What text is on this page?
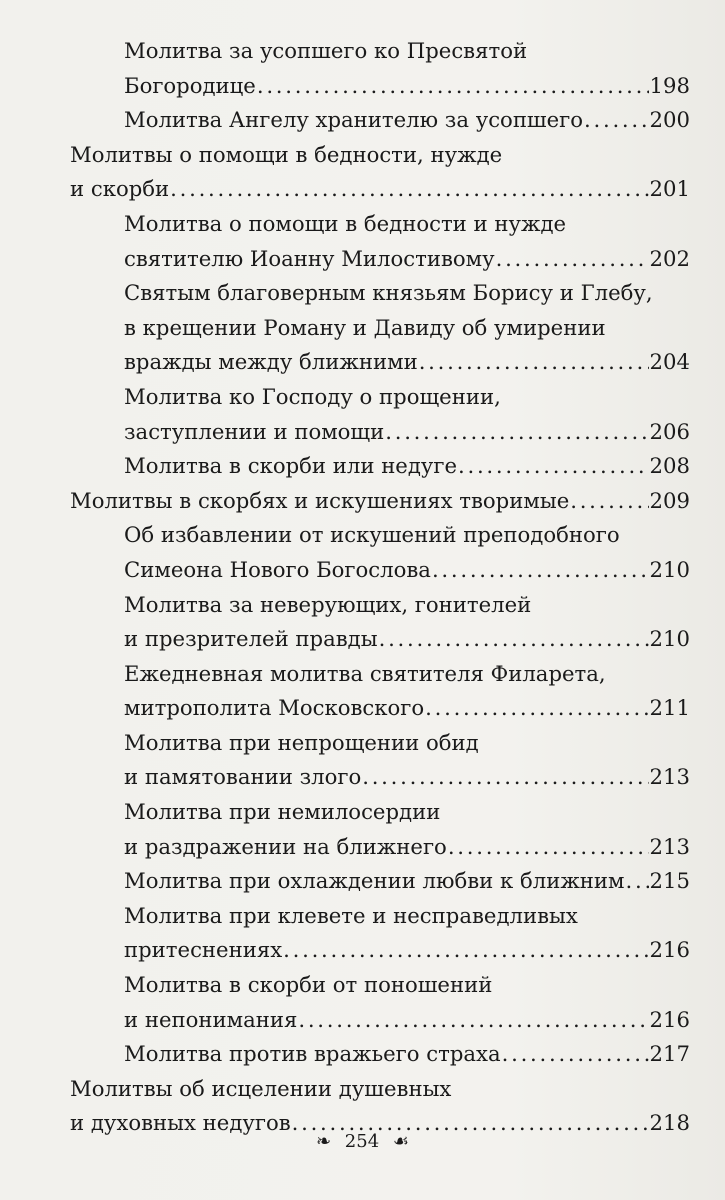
Молитва за усопшего ко Пресвятой
Богородице . . .	198
Молитва Ангелу хранителю за усопшего . . .	200
Молитвы о помощи в бедности, нужде
и скорби . . .	201
Молитва о помощи в бедности и нужде
святителю Иоанну Милостивому . . .	202
Святым благоверным князьям Борису и Глебу,
в крещении Роману и Давиду об умирении
вражды между ближними . . .	204
Молитва ко Господу о прощении,
заступлении и помощи . . .	206
Молитва в скорби или недуге . . .	208
Молитвы в скорбях и искушениях творимые . . .	209
Об избавлении от искушений преподобного
Симеона Нового Богослова . . .	210
Молитва за неверующих, гонителей
и презрителей правды . . .	210
Ежедневная молитва святителя Филарета,
митрополита Московского . . .	211
Молитва при непрощении обид
и памятовании злого . . .	213
Молитва при немилосердии
и раздражении на ближнего . . .	213
Молитва при охлаждении любви к ближним . . . 215
Молитва при клевете и несправедливых
притеснениях . . .	216
Молитва в скорби от поношений
и непонимания . . .	216
Молитва против вражьего страха . . .	217
Молитвы об исцелении душевных
и духовных недугов . . .	218
❧ 254 ☙
